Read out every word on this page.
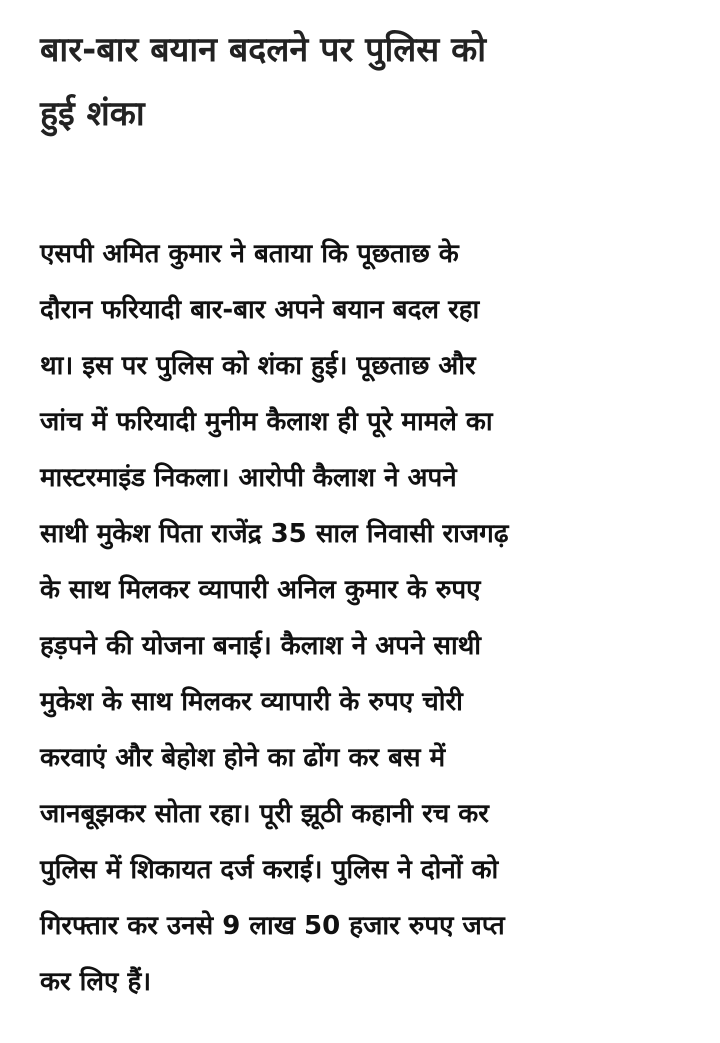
बार-बार बयान बदलने पर पुलिस को
हुई शंका

एसपी अमित कुमार ने बताया कि पूछताछ के
दौरान फरियादी बार-बार अपने बयान बदल रहा
था। इस पर पुलिस को शंका हुई। पूछताछ और
जांच में फरियादी मुनीम कैलाश ही पूरे मामले का
मास्टरमाइंड निकला। आरोपी कैलाश ने अपने
साथी मुकेश पिता राजेंद्र 35 साल निवासी राजगढ़
के साथ मिलकर व्यापारी अनिल कुमार के रुपए
हड़पने की योजना बनाई। कैलाश ने अपने साथी
मुकेश के साथ मिलकर व्यापारी के रुपए चोरी
करवाएं और बेहोश होने का ढोंग कर बस में
जानबूझकर सोता रहा। पूरी झूठी कहानी रच कर
पुलिस में शिकायत दर्ज कराई। पुलिस ने दोनों को
गिरफ्तार कर उनसे 9 लाख 50 हजार रुपए जप्त
कर लिए हैं।
